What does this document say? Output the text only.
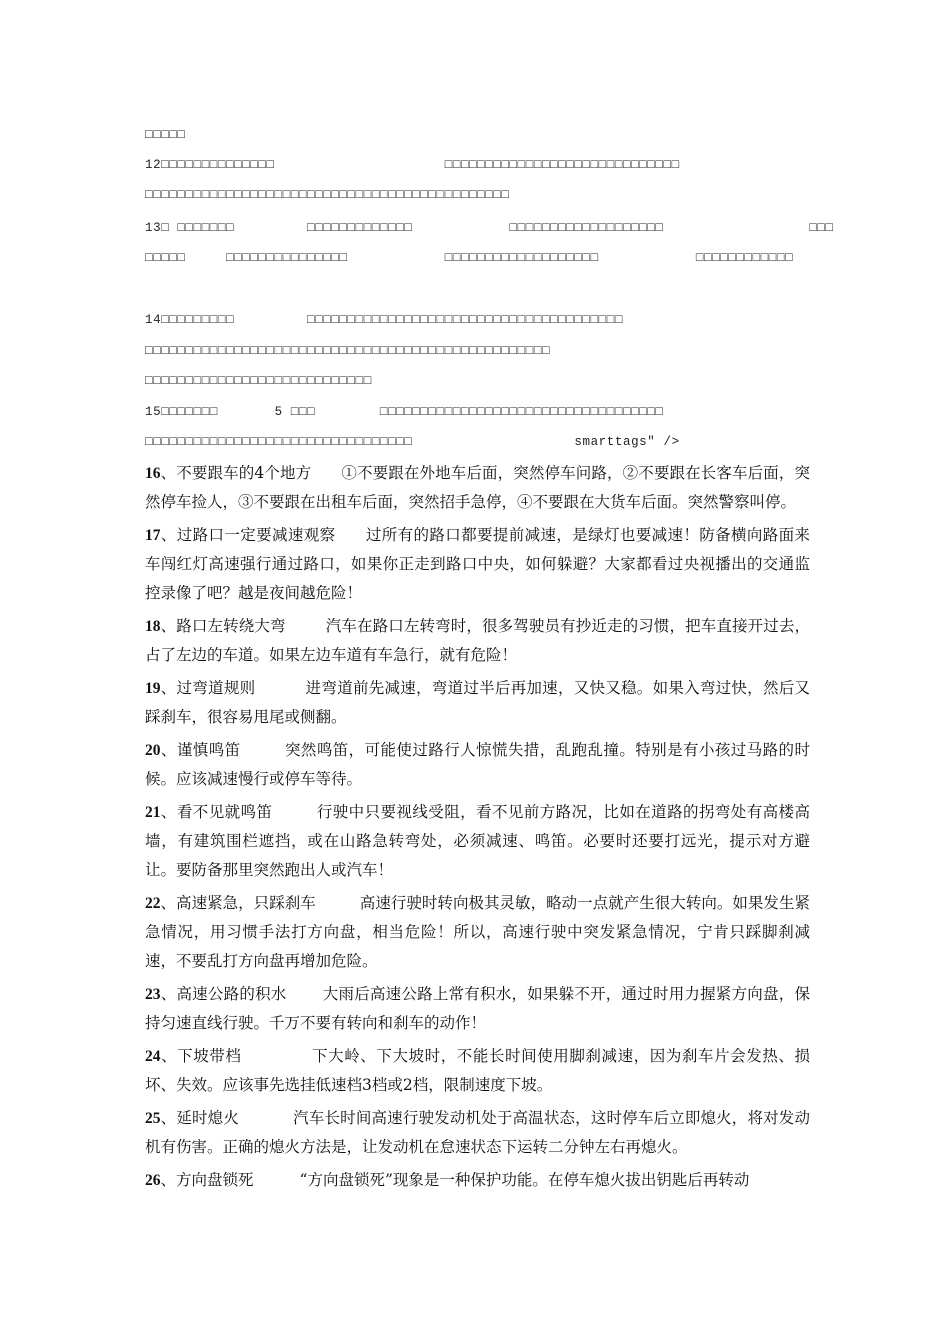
□□□□□
12□□□□□□□□□□□□□□                     □□□□□□□□□□□□□□□□□□□□□□□□□□□□□
□□□□□□□□□□□□□□□□□□□□□□□□□□□□□□□□□□□□□□□□□□□□□
13□ □□□□□□□         □□□□□□□□□□□□□            □□□□□□□□□□□□□□□□□□□                  □□□
□□□□□     □□□□□□□□□□□□□□□            □□□□□□□□□□□□□□□□□□□            □□□□□□□□□□□□
14□□□□□□□□□         □□□□□□□□□□□□□□□□□□□□□□□□□□□□□□□□□□□□□□□
□□□□□□□□□□□□□□□□□□□□□□□□□□□□□□□□□□□□□□□□□□□□□□□□□□
□□□□□□□□□□□□□□□□□□□□□□□□□□□□
15□□□□□□□       5 □□□        □□□□□□□□□□□□□□□□□□□□□□□□□□□□□□□□□□□
□□□□□□□□□□□□□□□□□□□□□□□□□□□□□□□□□                    smarttags" />

16、不要跟车的4个地方 ①不要跟在外地车后面，突然停车问路，②不要跟在长客车后面，突然停车捡人，③不要跟在出租车后面，突然招手急停，④不要跟在大货车后面。突然警察叫停。

17、过路口一定要减速观察 过所有的路口都要提前减速，是绿灯也要减速！防备横向路面来车闯红灯高速强行通过路口，如果你正走到路口中央，如何躲避？大家都看过央视播出的交通监控录像了吧？越是夜间越危险！

18、路口左转绕大弯	汽车在路口左转弯时，很多驾驶员有抄近走的习惯，把车直接开过去，占了左边的车道。如果左边车道有车急行，就有危险！

19、过弯道规则	进弯道前先减速，弯道过半后再加速，又快又稳。如果入弯过快，然后又踩刹车，很容易甩尾或侧翻。

20、谨慎鸣笛	突然鸣笛，可能使过路行人惊慌失措，乱跑乱撞。特别是有小孩过马路的时候。应该减速慢行或停车等待。

21、看不见就鸣笛	行驶中只要视线受阻，看不见前方路况，比如在道路的拐弯处有高楼高墙，有建筑围栏遮挡，或在山路急转弯处，必须减速、鸣笛。必要时还要打远光，提示对方避让。要防备那里突然跑出人或汽车！

22、高速紧急，只踩刹车	高速行驶时转向极其灵敏，略动一点就产生很大转向。如果发生紧急情况，用习惯手法打方向盘，相当危险！所以，高速行驶中突发紧急情况，宁肯只踩脚刹减速，不要乱打方向盘再增加危险。

23、高速公路的积水 大雨后高速公路上常有积水，如果躲不开，通过时用力握紧方向盘，保持匀速直线行驶。千万不要有转向和刹车的动作！

24、下坡带档	下大岭、下大坡时，不能长时间使用脚刹减速，因为刹车片会发热、损坏、失效。应该事先选挂低速档3档或2档，限制速度下坡。

25、延时熄火	汽车长时间高速行驶发动机处于高温状态，这时停车后立即熄火，将对发动机有伤害。正确的熄火方法是，让发动机在怠速状态下运转二分钟左右再熄火。

26、方向盘锁死	“方向盘锁死”现象是一种保护功能。在停车熄火拔出钥匙后再转动
